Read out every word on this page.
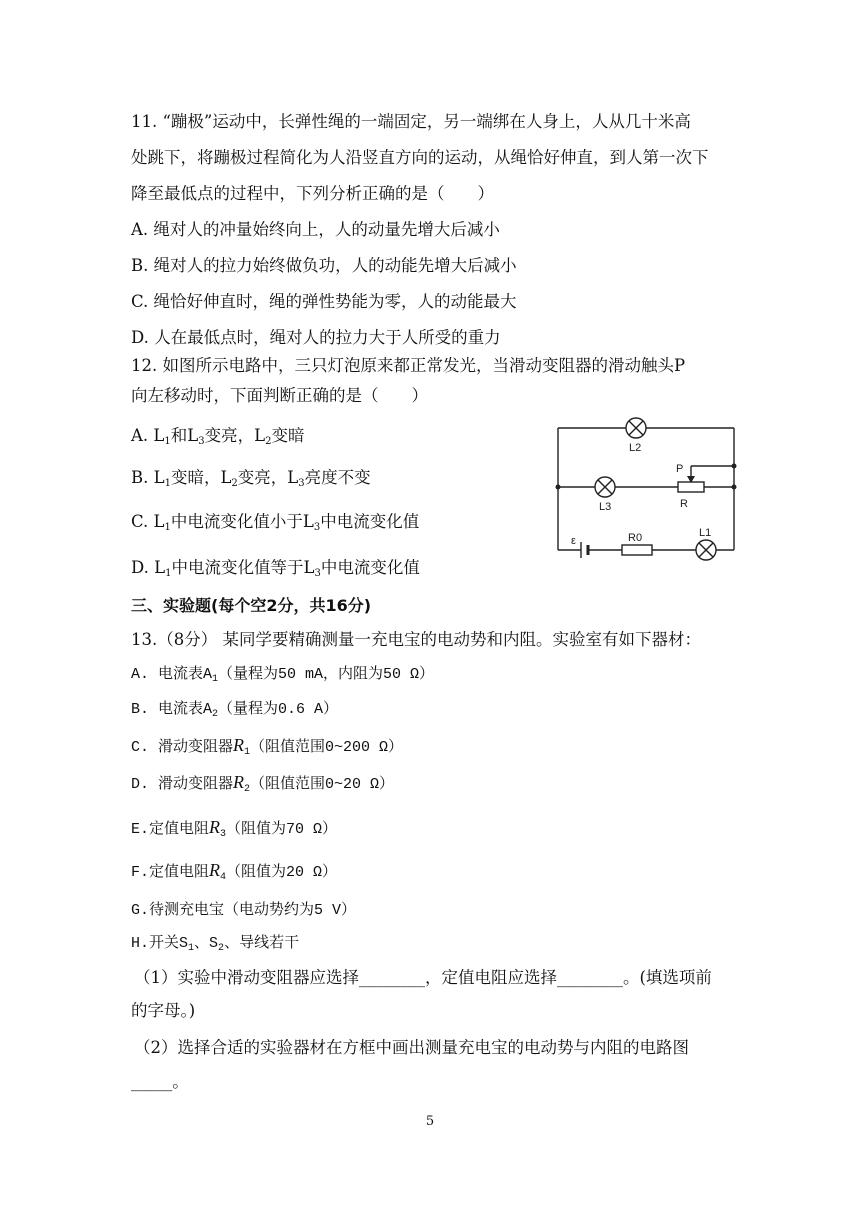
11. “蹦极”运动中，长弹性绳的一端固定，另一端绑在人身上，人从几十米高
处跳下，将蹦极过程简化为人沿竖直方向的运动，从绳恰好伸直，到人第一次下
降至最低点的过程中，下列分析正确的是（　　）
A. 绳对人的冲量始终向上，人的动量先增大后减小
B. 绳对人的拉力始终做负功，人的动能先增大后减小
C. 绳恰好伸直时，绳的弹性势能为零，人的动能最大
D. 人在最低点时，绳对人的拉力大于人所受的重力
12. 如图所示电路中，三只灯泡原来都正常发光，当滑动变阻器的滑动触头P
向左移动时，下面判断正确的是（　　）
A. $L_1$和$L_3$变亮，$L_2$变暗
B. $L_1$变暗，$L_2$变亮，$L_3$亮度不变
C. $L_1$中电流变化值小于$L_3$中电流变化值
D. $L_1$中电流变化值等于$L_3$中电流变化值
L2
P
L3	R
ε	R0	L1
三、实验题(每个空2分，共16分)
13.（8分） 某同学要精确测量一充电宝的电动势和内阻。实验室有如下器材：
A. 电流表$A_1$（量程为50 mA，内阻为50 Ω）
B. 电流表$A_2$（量程为0.6 A）
C. 滑动变阻器$R_1$（阻值范围0~200 Ω）
D. 滑动变阻器$R_2$（阻值范围0~20 Ω）
E.定值电阻$R_3$（阻值为70 Ω）
F.定值电阻$R_4$（阻值为20 Ω）
G.待测充电宝（电动势约为5 V）
H.开关$S_1$、$S_2$、导线若干
（1）实验中滑动变阻器应选择________，定值电阻应选择________。(填选项前
的字母。)
（2）选择合适的实验器材在方框中画出测量充电宝的电动势与内阻的电路图
_____。
5
